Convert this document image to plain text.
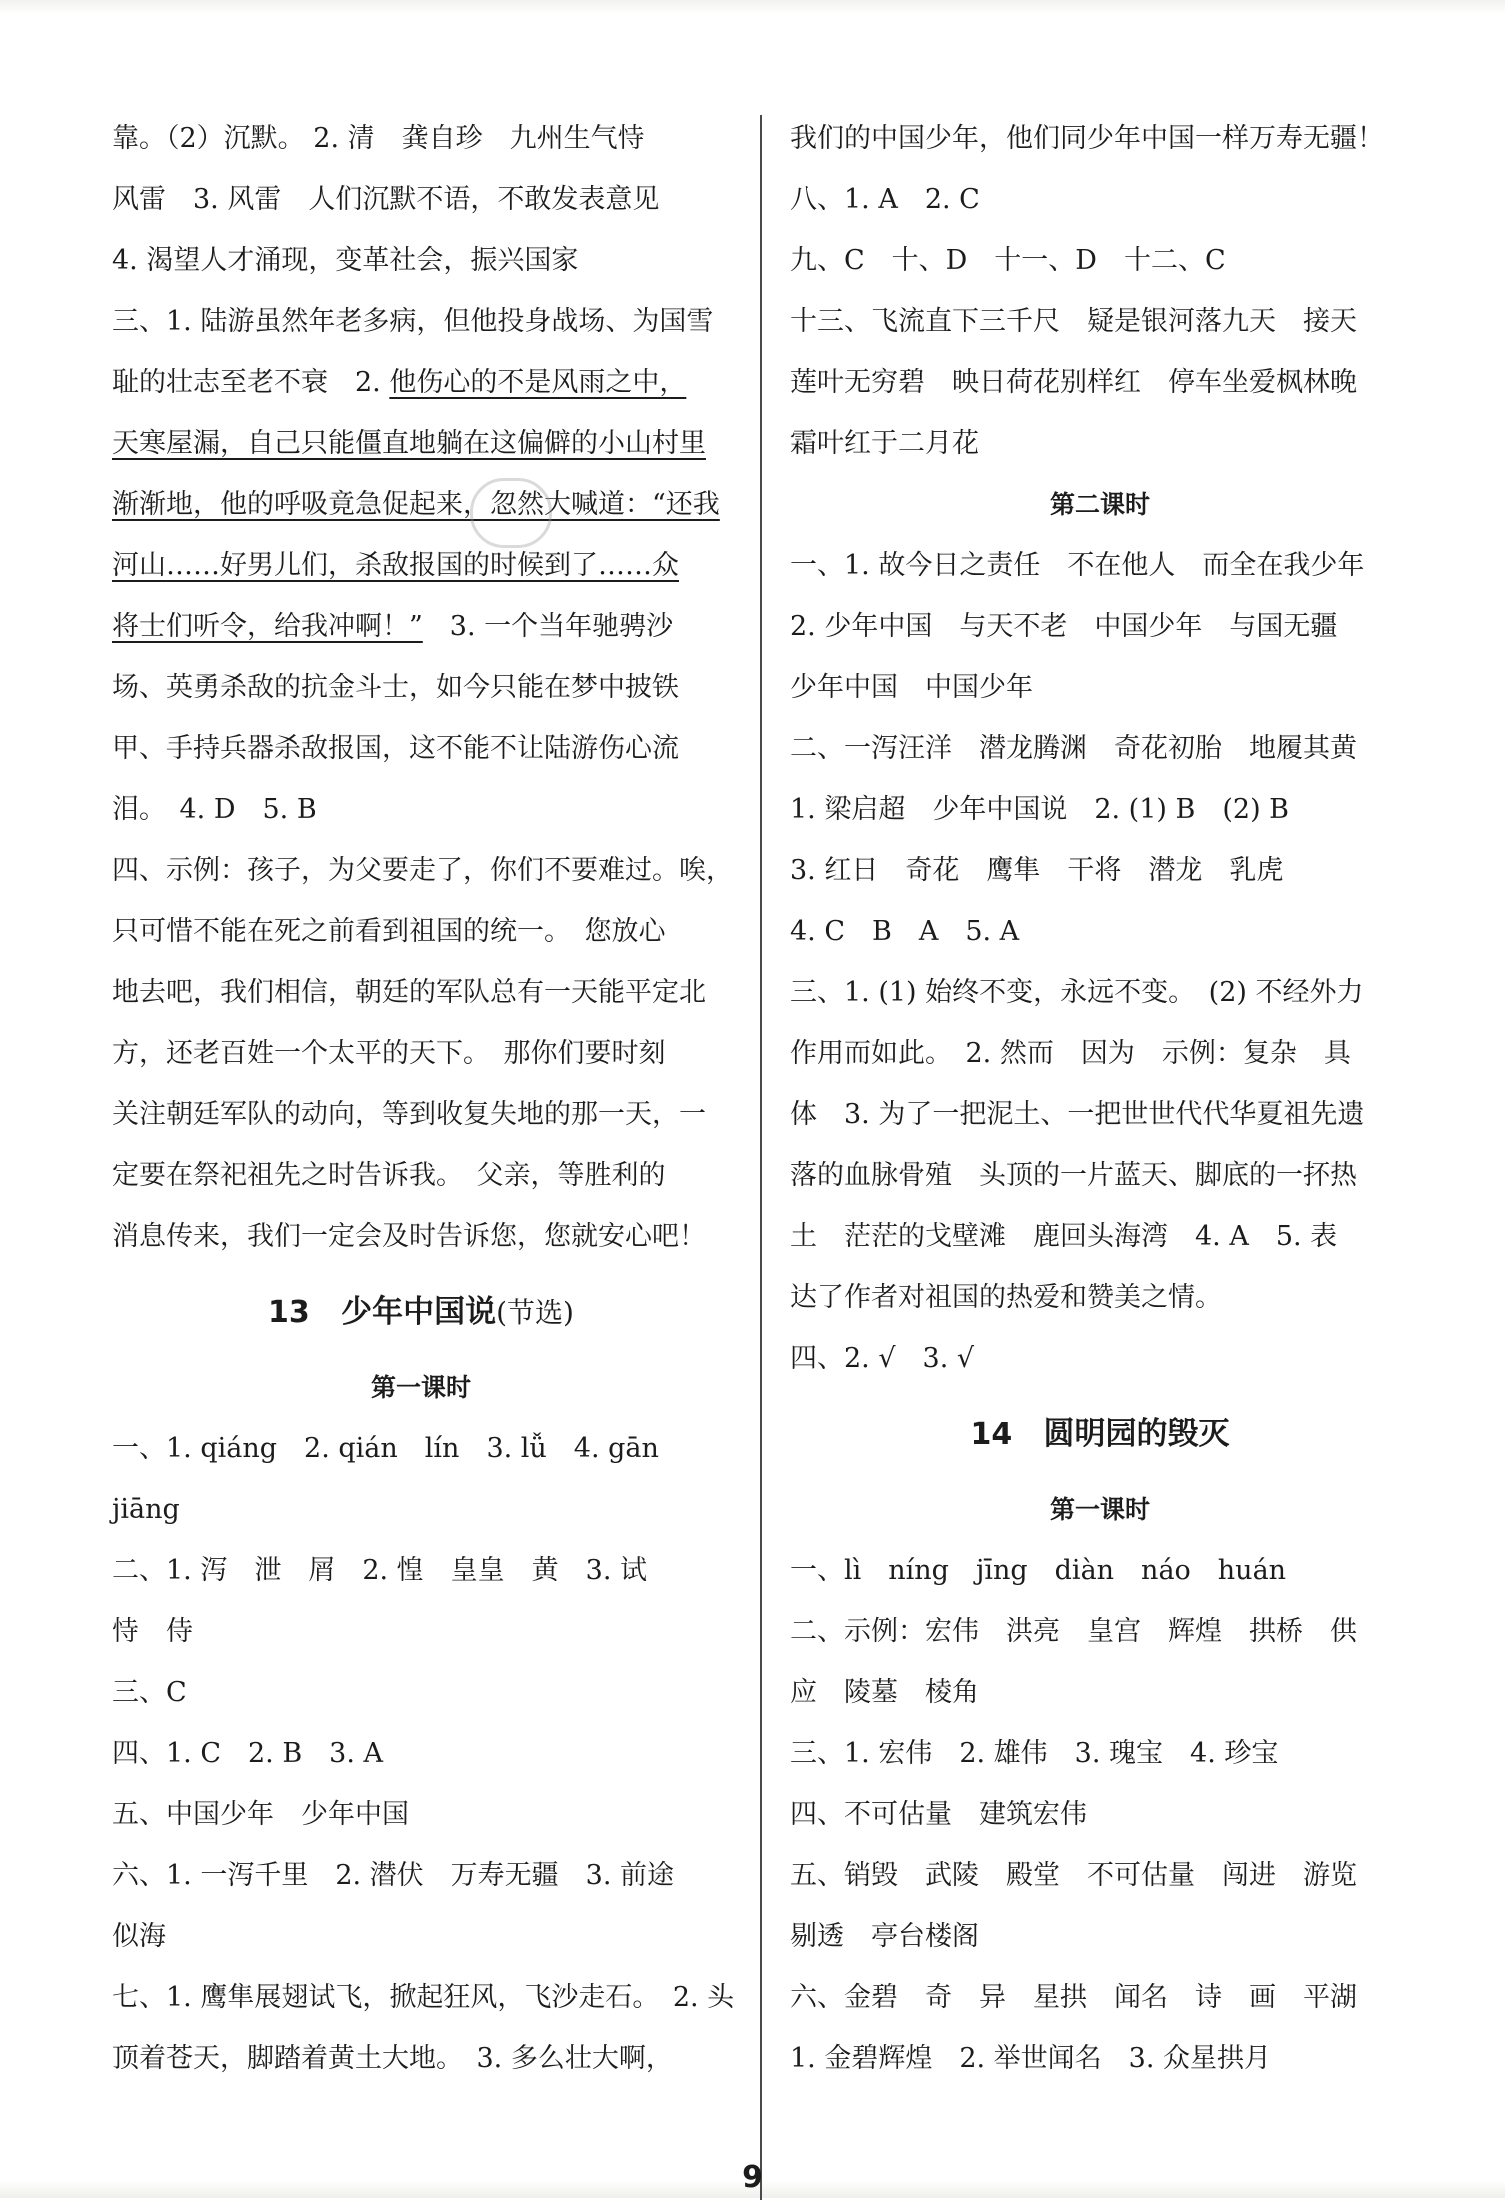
靠。（2）沉默。 2. 清　龚自珍　九州生气恃
风雷　3. 风雷　人们沉默不语，不敢发表意见
4. 渴望人才涌现，变革社会，振兴国家
三、1. 陆游虽然年老多病，但他投身战场、为国雪
耻的壮志至老不衰　2. 他伤心的不是风雨之中，
天寒屋漏，自己只能僵直地躺在这偏僻的小山村里
渐渐地，他的呼吸竟急促起来，忽然大喊道：“还我
河山……好男儿们，杀敌报国的时候到了……众
将士们听令，给我冲啊！”　3. 一个当年驰骋沙
场、英勇杀敌的抗金斗士，如今只能在梦中披铁
甲、手持兵器杀敌报国，这不能不让陆游伤心流
泪。　4. D　5. B
四、示例：孩子，为父要走了，你们不要难过。唉，
只可惜不能在死之前看到祖国的统一。　您放心
地去吧，我们相信，朝廷的军队总有一天能平定北
方，还老百姓一个太平的天下。　那你们要时刻
关注朝廷军队的动向，等到收复失地的那一天，一
定要在祭祀祖先之时告诉我。　父亲，等胜利的
消息传来，我们一定会及时告诉您，您就安心吧！
13 少年中国说(节选)
第一课时
一、1. qiáng　2. qián　lín　3. lǚ　4. gān
jiāng
二、1. 泻　泄　屑　2. 惶　皇皇　黄　3. 试
恃　侍
三、C
四、1. C　2. B　3. A
五、中国少年　少年中国
六、1. 一泻千里　2. 潜伏　万寿无疆　3. 前途
似海
七、1. 鹰隼展翅试飞，掀起狂风，飞沙走石。　2. 头
顶着苍天，脚踏着黄土大地。　3. 多么壮大啊，
我们的中国少年，他们同少年中国一样万寿无疆！
八、1. A　2. C
九、C　十、D　十一、D　十二、C
十三、飞流直下三千尺　疑是银河落九天　接天
莲叶无穷碧　映日荷花别样红　停车坐爱枫林晚
霜叶红于二月花
第二课时
一、1. 故今日之责任　不在他人　而全在我少年
2. 少年中国　与天不老　中国少年　与国无疆
少年中国　中国少年
二、一泻汪洋　潜龙腾渊　奇花初胎　地履其黄
1. 梁启超　少年中国说　2. (1) B　(2) B
3. 红日　奇花　鹰隼　干将　潜龙　乳虎
4. C　B　A　5. A
三、1. (1) 始终不变，永远不变。　(2) 不经外力
作用而如此。　2. 然而　因为　示例：复杂　具
体　3. 为了一把泥土、一把世世代代华夏祖先遗
落的血脉骨殖　头顶的一片蓝天、脚底的一抔热
土　茫茫的戈壁滩　鹿回头海湾　4. A　5. 表
达了作者对祖国的热爱和赞美之情。
四、2. √　3. √
14 圆明园的毁灭
第一课时
一、lì　níng　jīng　diàn　náo　huán
二、示例：宏伟　洪亮　皇宫　辉煌　拱桥　供
应　陵墓　棱角
三、1. 宏伟　2. 雄伟　3. 瑰宝　4. 珍宝
四、不可估量　建筑宏伟
五、销毁　武陵　殿堂　不可估量　闯进　游览
剔透　亭台楼阁
六、金碧　奇　异　星拱　闻名　诗　画　平湖
1. 金碧辉煌　2. 举世闻名　3. 众星拱月
9
